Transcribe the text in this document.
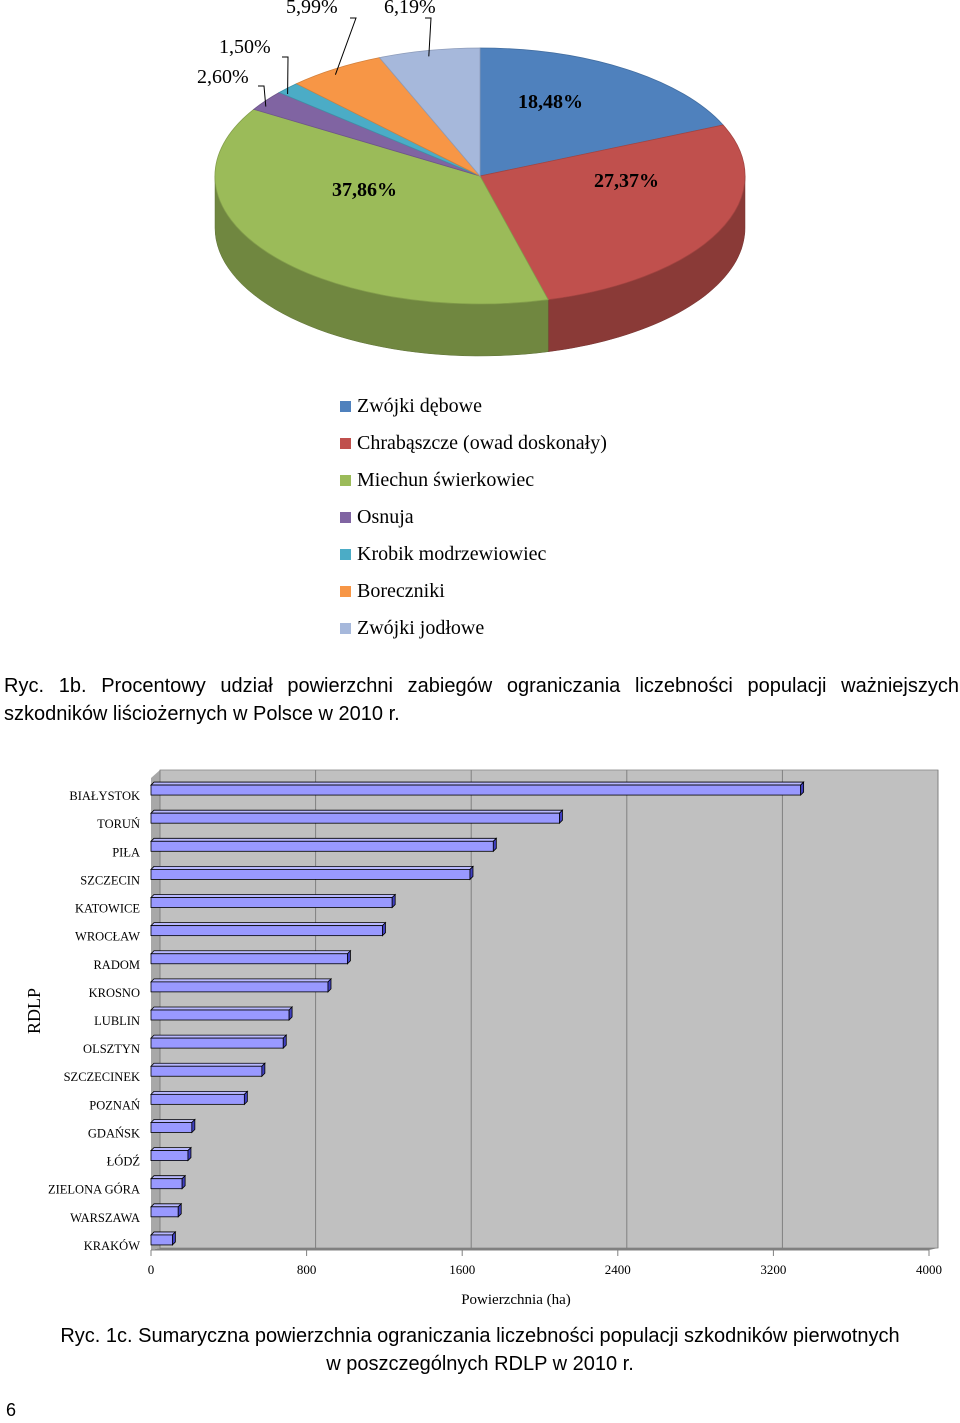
5,99% 6,19%
1,50%
2,60%
18,48%
27,37%
37,86%
Zwójki dębowe
Chrabąszcze (owad doskonały)
Miechun świerkowiec
Osnuja
Krobik modrzewiowiec
Boreczniki
Zwójki jodłowe
Ryc. 1b. Procentowy udział powierzchni zabiegów ograniczania liczebności populacji ważniejszych szkodników liściożernych w Polsce w 2010 r.
0	800	1600	2400	3200	4000
Powierzchnia (ha)
RDLP
BIAŁYSTOK
TORUŃ
PIŁA
SZCZECIN
KATOWICE
WROCŁAW
RADOM
KROSNO
LUBLIN
OLSZTYN
SZCZECINEK
POZNAŃ
GDAŃSK
ŁÓDŹ
ZIELONA GÓRA
WARSZAWA
KRAKÓW
Ryc. 1c. Sumaryczna powierzchnia ograniczania liczebności populacji szkodników pierwotnych
w poszczególnych RDLP w 2010 r.
6
